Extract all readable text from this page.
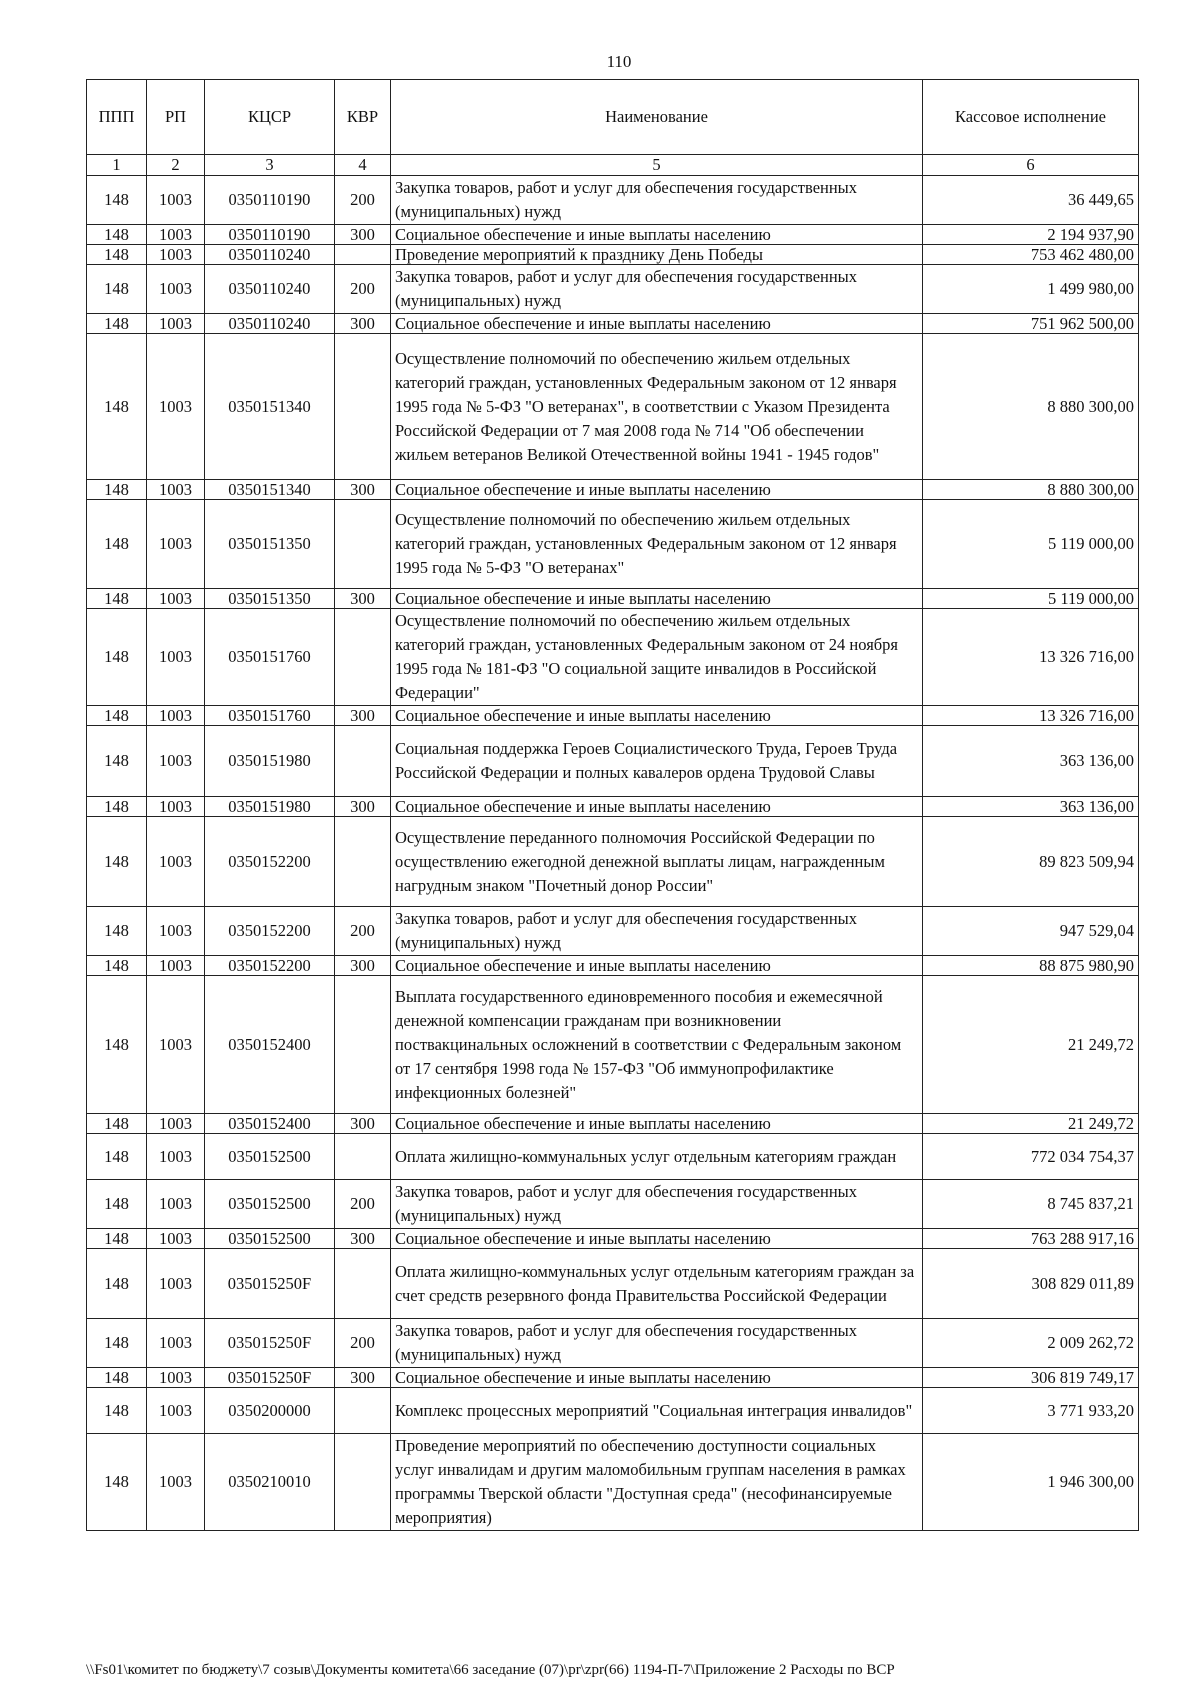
110
ППП	РП	КЦСР	КВР	Наименование	Кассовое исполнение
1	2	3	4	5	6
148	1003	0350110190	200	Закупка товаров, работ и услуг для обеспечения государственных (муниципальных) нужд	36 449,65
148	1003	0350110190	300	Социальное обеспечение и иные выплаты населению	2 194 937,90
148	1003	0350110240		Проведение мероприятий к празднику День Победы	753 462 480,00
148	1003	0350110240	200	Закупка товаров, работ и услуг для обеспечения государственных (муниципальных) нужд	1 499 980,00
148	1003	0350110240	300	Социальное обеспечение и иные выплаты населению	751 962 500,00
148	1003	0350151340		Осуществление полномочий по обеспечению жильем отдельных категорий граждан, установленных Федеральным законом от 12 января 1995 года № 5-ФЗ "О ветеранах", в соответствии с Указом Президента Российской Федерации от 7 мая 2008 года № 714 "Об обеспечении жильем ветеранов Великой Отечественной войны 1941 - 1945 годов"	8 880 300,00
148	1003	0350151340	300	Социальное обеспечение и иные выплаты населению	8 880 300,00
148	1003	0350151350		Осуществление полномочий по обеспечению жильем отдельных категорий граждан, установленных Федеральным законом от 12 января 1995 года № 5-ФЗ "О ветеранах"	5 119 000,00
148	1003	0350151350	300	Социальное обеспечение и иные выплаты населению	5 119 000,00
148	1003	0350151760		Осуществление полномочий по обеспечению жильем отдельных категорий граждан, установленных Федеральным законом от 24 ноября 1995 года № 181-ФЗ "О социальной защите инвалидов в Российской Федерации"	13 326 716,00
148	1003	0350151760	300	Социальное обеспечение и иные выплаты населению	13 326 716,00
148	1003	0350151980		Социальная поддержка Героев Социалистического Труда, Героев Труда Российской Федерации и полных кавалеров ордена Трудовой Славы	363 136,00
148	1003	0350151980	300	Социальное обеспечение и иные выплаты населению	363 136,00
148	1003	0350152200		Осуществление переданного полномочия Российской Федерации по осуществлению ежегодной денежной выплаты лицам, награжденным нагрудным знаком "Почетный донор России"	89 823 509,94
148	1003	0350152200	200	Закупка товаров, работ и услуг для обеспечения государственных (муниципальных) нужд	947 529,04
148	1003	0350152200	300	Социальное обеспечение и иные выплаты населению	88 875 980,90
148	1003	0350152400		Выплата государственного единовременного пособия и ежемесячной денежной компенсации гражданам при возникновении поствакцинальных осложнений в соответствии с Федеральным законом от 17 сентября 1998 года № 157-ФЗ "Об иммунопрофилактике инфекционных болезней"	21 249,72
148	1003	0350152400	300	Социальное обеспечение и иные выплаты населению	21 249,72
148	1003	0350152500		Оплата жилищно-коммунальных услуг отдельным категориям граждан	772 034 754,37
148	1003	0350152500	200	Закупка товаров, работ и услуг для обеспечения государственных (муниципальных) нужд	8 745 837,21
148	1003	0350152500	300	Социальное обеспечение и иные выплаты населению	763 288 917,16
148	1003	035015250F		Оплата жилищно-коммунальных услуг отдельным категориям граждан за счет средств резервного фонда Правительства Российской Федерации	308 829 011,89
148	1003	035015250F	200	Закупка товаров, работ и услуг для обеспечения государственных (муниципальных) нужд	2 009 262,72
148	1003	035015250F	300	Социальное обеспечение и иные выплаты населению	306 819 749,17
148	1003	0350200000		Комплекс процессных мероприятий "Социальная интеграция инвалидов"	3 771 933,20
148	1003	0350210010		Проведение мероприятий по обеспечению доступности социальных услуг инвалидам и другим маломобильным группам населения в рамках программы Тверской области "Доступная среда" (несофинансируемые мероприятия)	1 946 300,00
\\Fs01\комитет по бюджету\7 созыв\Документы комитета\66 заседание (07)\pr\zpr(66) 1194-П-7\Приложение 2 Расходы по ВСР
